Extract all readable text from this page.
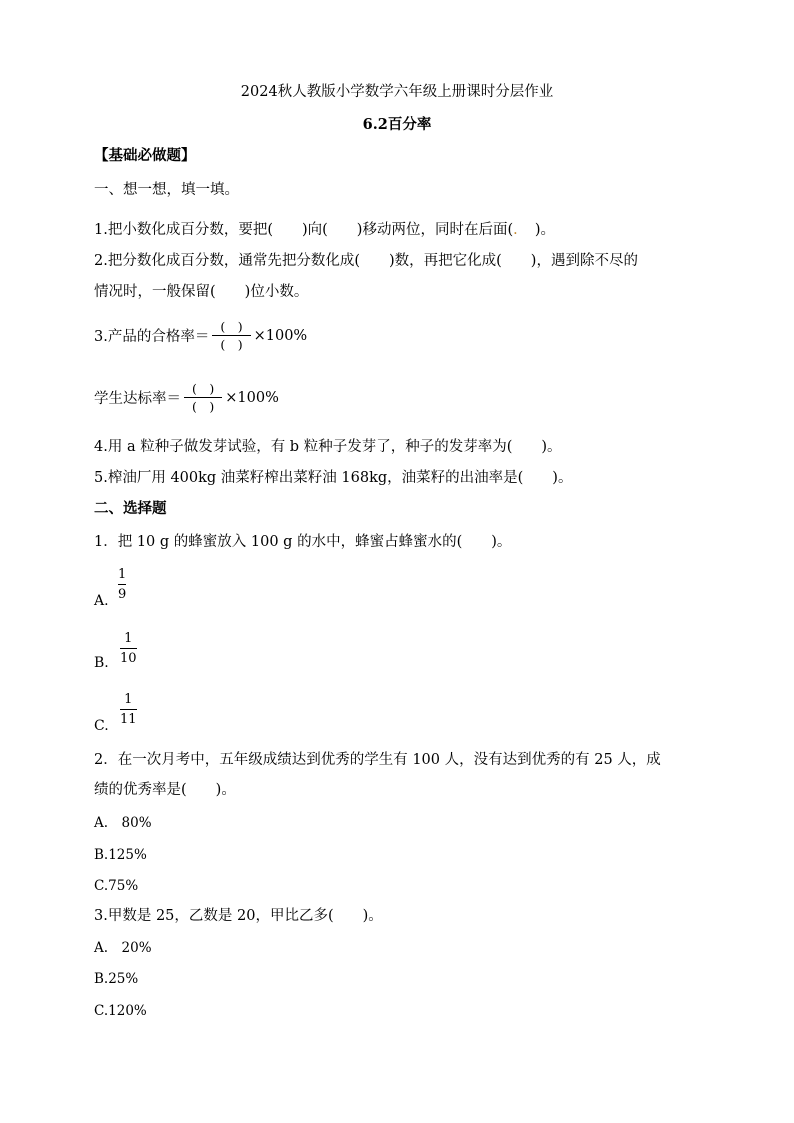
2024秋人教版小学数学六年级上册课时分层作业
6.2百分率
【基础必做题】
一、想一想，填一填。
1.把小数化成百分数，要把(　　)向(　　)移动两位，同时在后面(．　)。
2.把分数化成百分数，通常先把分数化成(　　)数，再把它化成(　　)，遇到除不尽的
情况时，一般保留(　　)位小数。
3.产品的合格率＝ $\frac{( )}{( )} \times 100\%$
学生达标率＝ $\frac{( )}{( )} \times 100\%$
4.用 a 粒种子做发芽试验，有 b 粒种子发芽了，种子的发芽率为(　　)。
5.榨油厂用 400kg 油菜籽榨出菜籽油 168kg，油菜籽的出油率是(　　)。
二、选择题
1．把 10 g 的蜂蜜放入 100 g 的水中，蜂蜜占蜂蜜水的(　　)。
A.
1
9
B.
1
10
C.
1
11
2．在一次月考中，五年级成绩达到优秀的学生有 100 人，没有达到优秀的有 25 人，成
绩的优秀率是(　　)。
A.　80%
B.125%
C.75%
3.甲数是 25，乙数是 20，甲比乙多(　　)。
A.　20%
B.25%
C.120%
